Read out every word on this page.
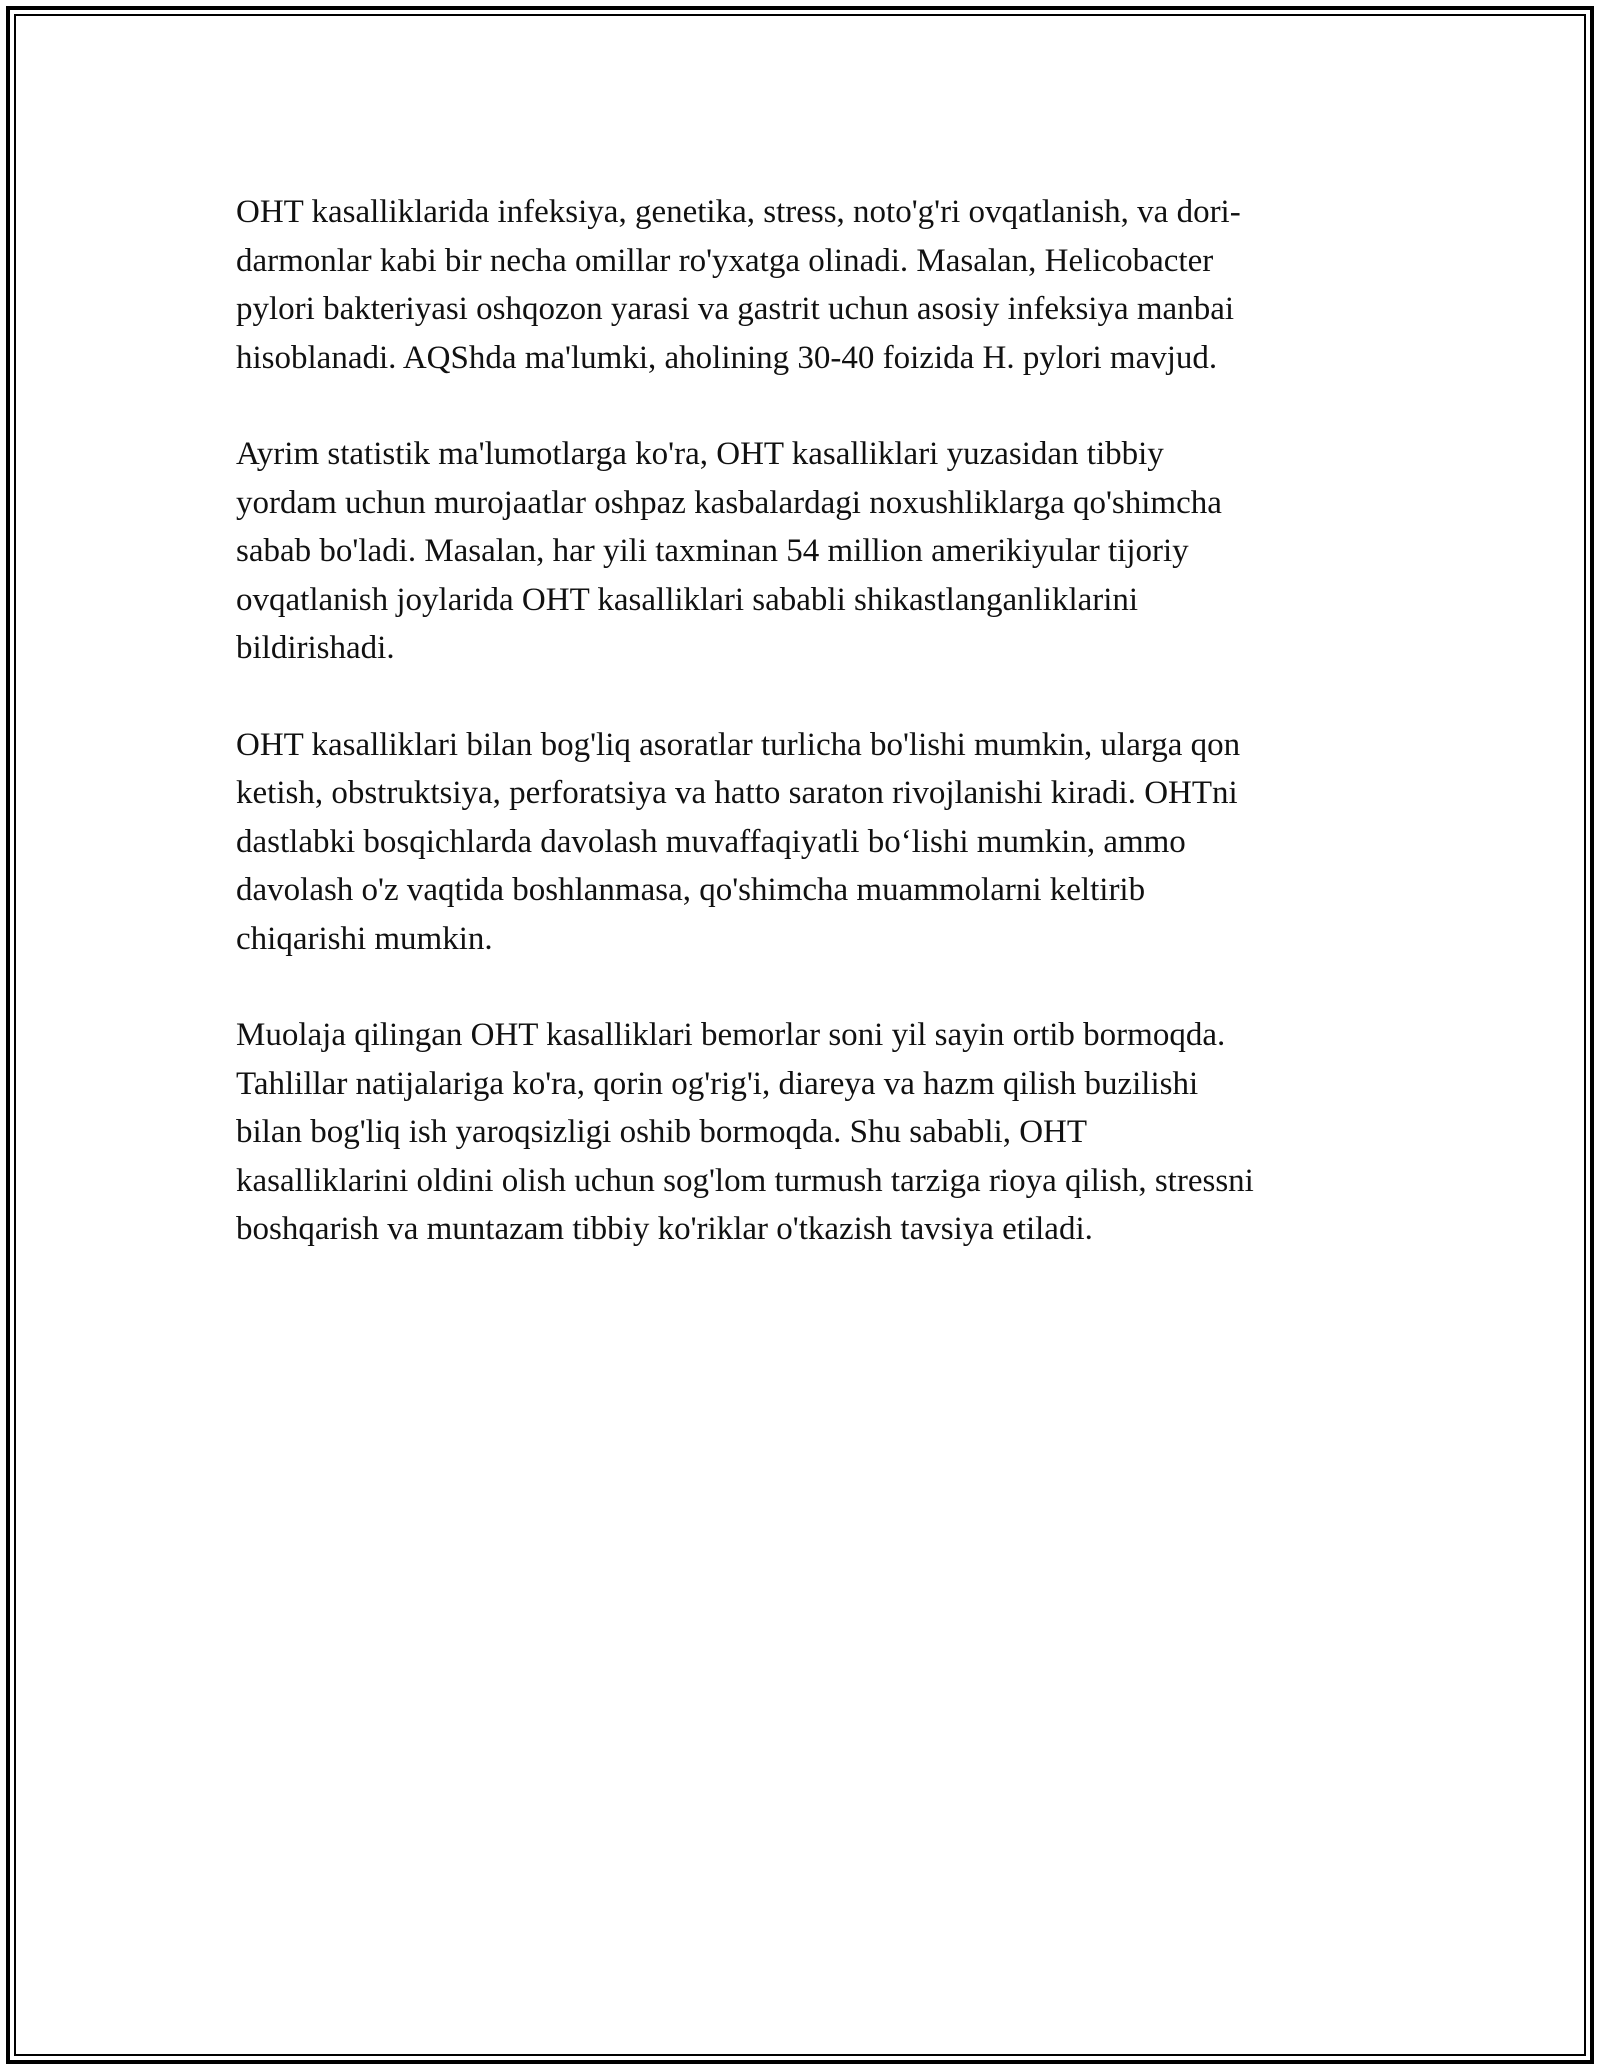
OHT kasalliklarida infeksiya, genetika, stress, noto'g'ri ovqatlanish, va dori-
darmonlar kabi bir necha omillar ro'yxatga olinadi. Masalan, Helicobacter
pylori bakteriyasi oshqozon yarasi va gastrit uchun asosiy infeksiya manbai
hisoblanadi. AQShda ma'lumki, aholining 30-40 foizida H. pylori mavjud.

Ayrim statistik ma'lumotlarga ko'ra, OHT kasalliklari yuzasidan tibbiy
yordam uchun murojaatlar oshpaz kasbalardagi noxushliklarga qo'shimcha
sabab bo'ladi. Masalan, har yili taxminan 54 million amerikiyular tijoriy
ovqatlanish joylarida OHT kasalliklari sababli shikastlanganliklarini
bildirishadi.

OHT kasalliklari bilan bog'liq asoratlar turlicha bo'lishi mumkin, ularga qon
ketish, obstruktsiya, perforatsiya va hatto saraton rivojlanishi kiradi. OHTni
dastlabki bosqichlarda davolash muvaffaqiyatli bo‘lishi mumkin, ammo
davolash o'z vaqtida boshlanmasa, qo'shimcha muammolarni keltirib
chiqarishi mumkin.

Muolaja qilingan OHT kasalliklari bemorlar soni yil sayin ortib bormoqda.
Tahlillar natijalariga ko'ra, qorin og'rig'i, diareya va hazm qilish buzilishi
bilan bog'liq ish yaroqsizligi oshib bormoqda. Shu sababli, OHT
kasalliklarini oldini olish uchun sog'lom turmush tarziga rioya qilish, stressni
boshqarish va muntazam tibbiy ko'riklar o'tkazish tavsiya etiladi.
